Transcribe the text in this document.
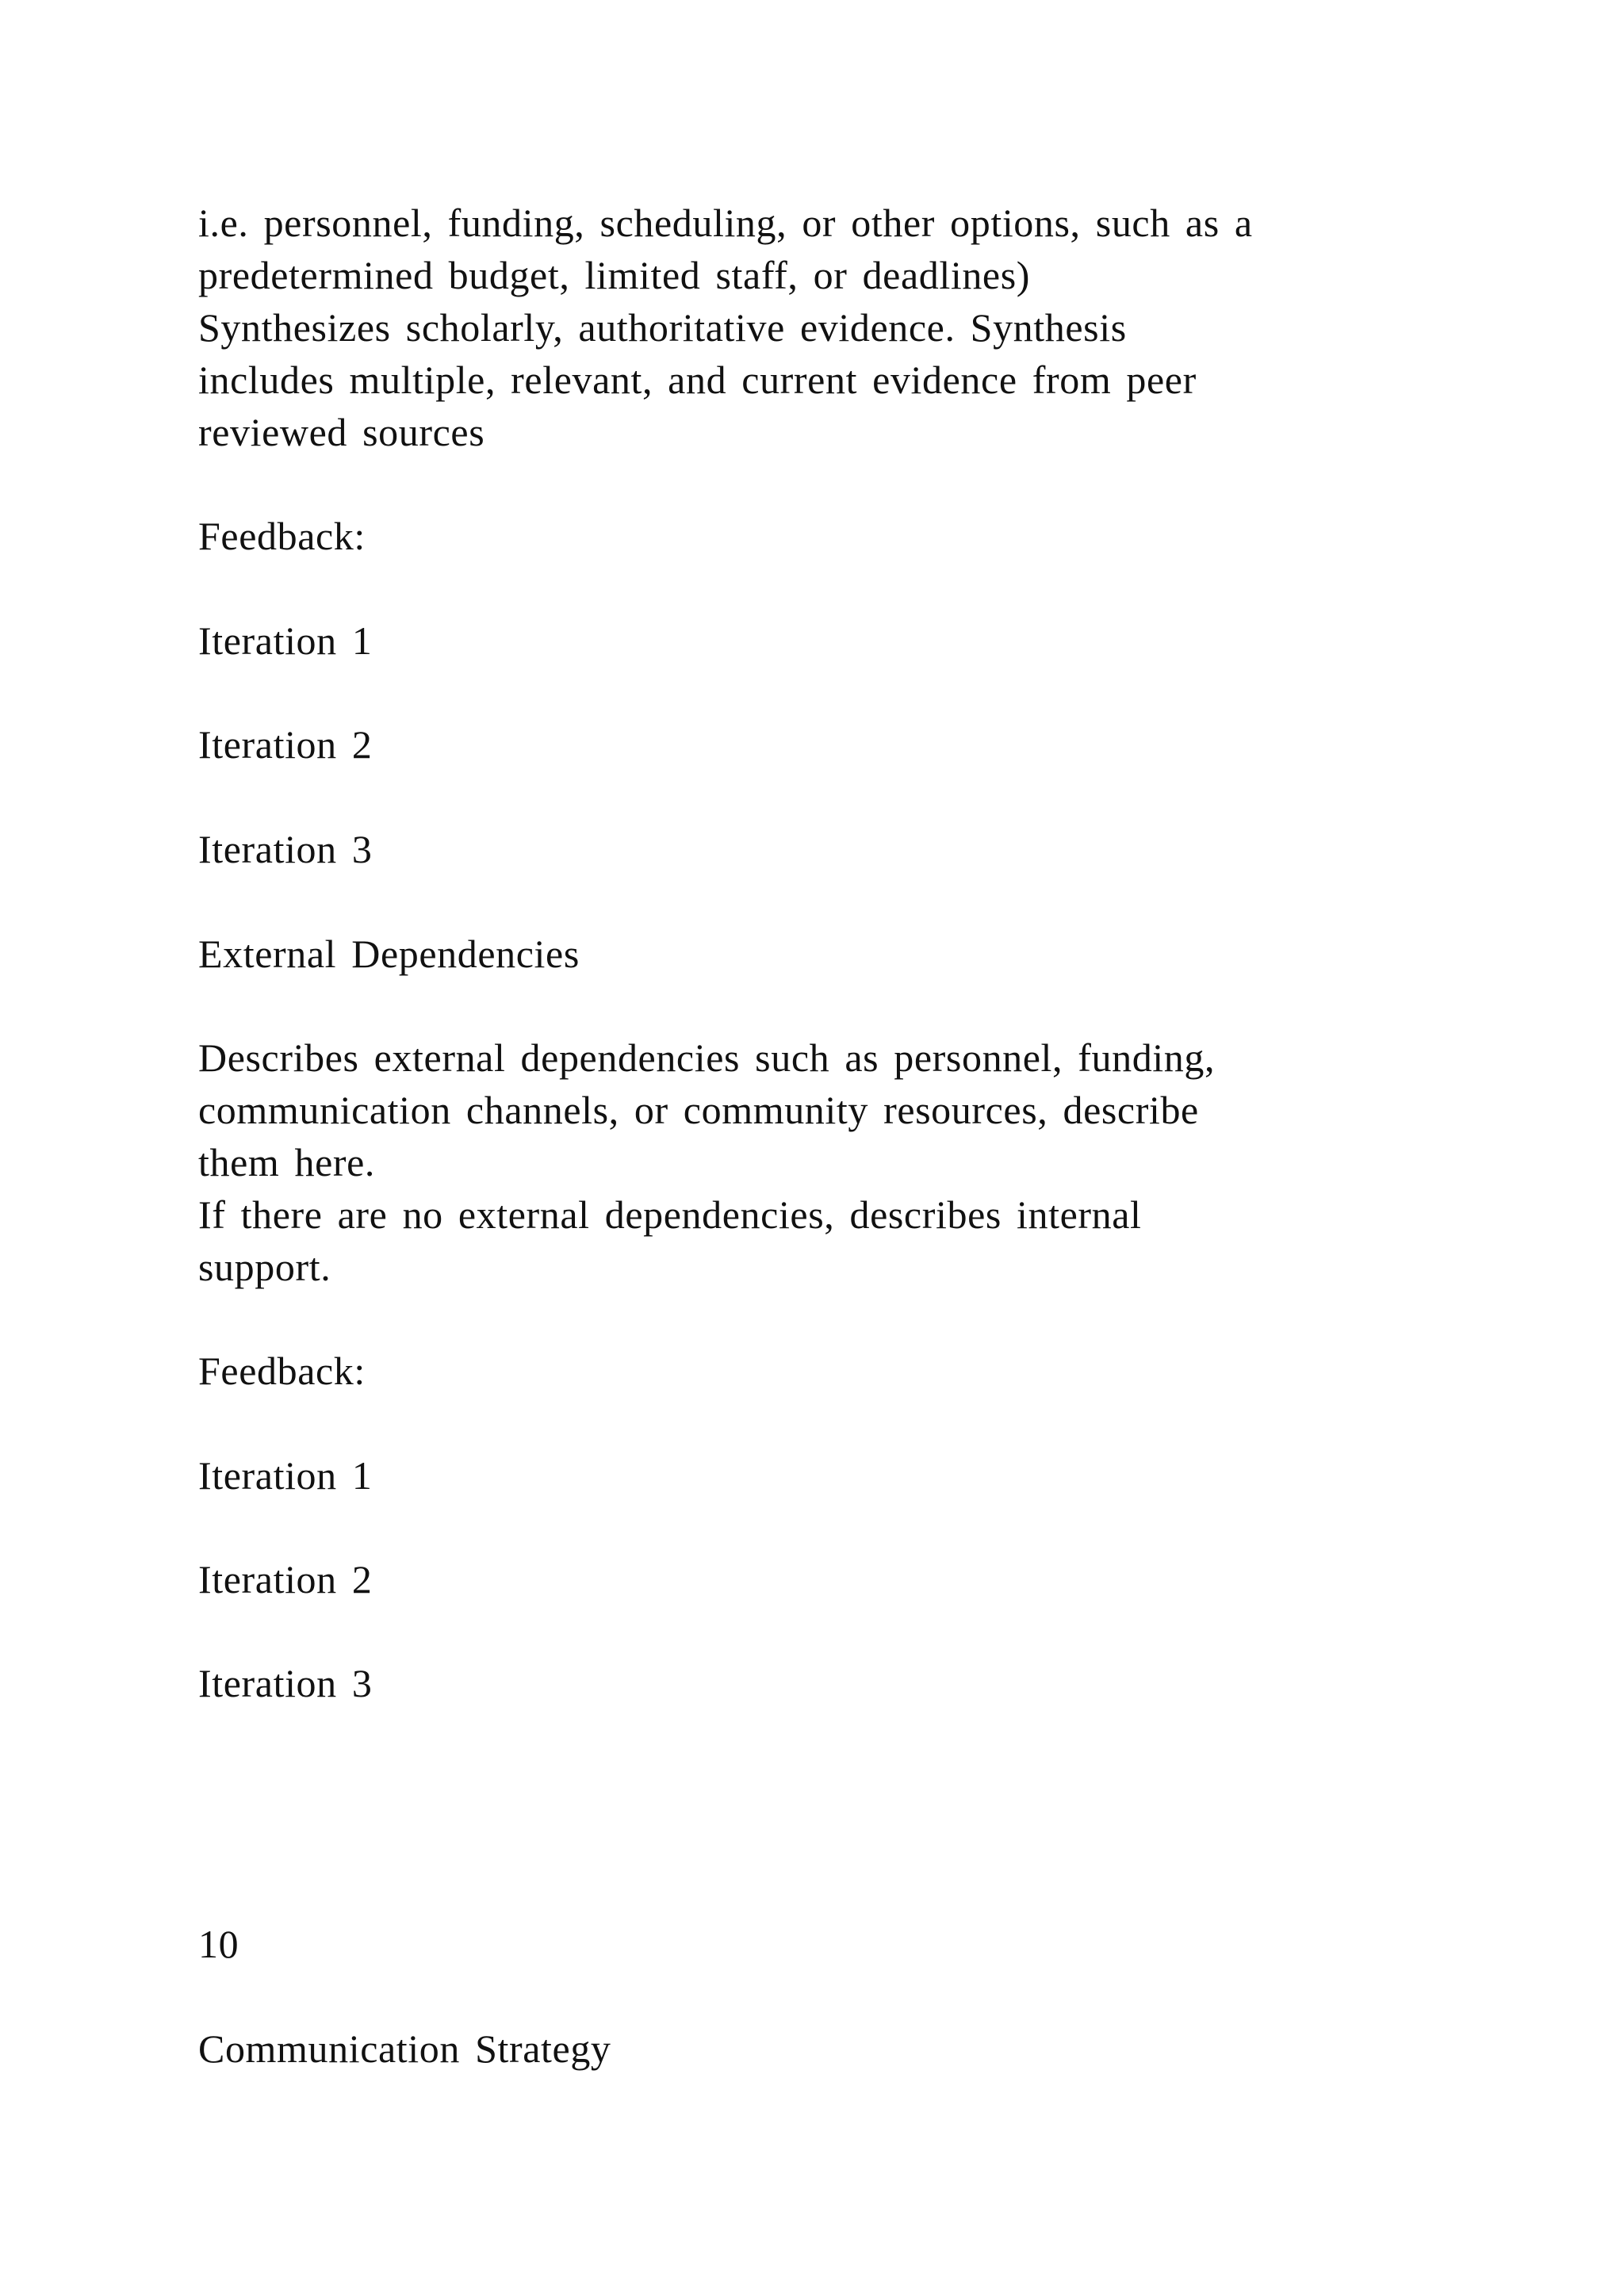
i.e. personnel, funding, scheduling, or other options, such as a
predetermined budget, limited staff, or deadlines)
Synthesizes scholarly, authoritative evidence. Synthesis
includes multiple, relevant, and current evidence from peer
reviewed sources
Feedback:
Iteration 1
Iteration 2
Iteration 3
External Dependencies
Describes external dependencies such as personnel, funding,
communication channels, or community resources, describe
them here.
If there are no external dependencies, describes internal
support.
Feedback:
Iteration 1
Iteration 2
Iteration 3
10
Communication Strategy
